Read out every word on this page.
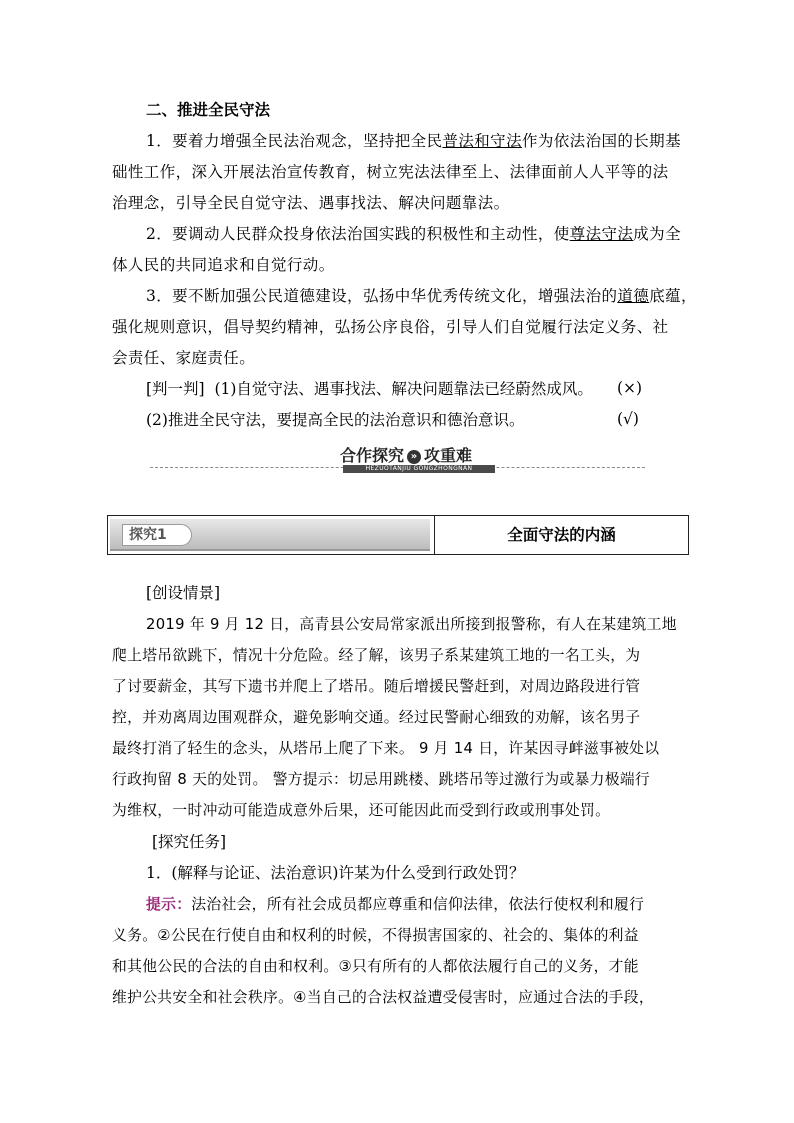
二、推进全民守法
1．要着力增强全民法治观念，坚持把全民普法和守法作为依法治国的长期基
础性工作，深入开展法治宣传教育，树立宪法法律至上、法律面前人人平等的法
治理念，引导全民自觉守法、遇事找法、解决问题靠法。
2．要调动人民群众投身依法治国实践的积极性和主动性，使尊法守法成为全
体人民的共同追求和自觉行动。
3．要不断加强公民道德建设，弘扬中华优秀传统文化，增强法治的道德底蕴，
强化规则意识，倡导契约精神，弘扬公序良俗，引导人们自觉履行法定义务、社
会责任、家庭责任。
[判一判] (1)自觉守法、遇事找法、解决问题靠法已经蔚然成风。	(×)
(2)推进全民守法，要提高全民的法治意识和德治意识。	(√)
合作探究 » 攻重难
HEZUOTANJIU GONGZHONGNAN
探究1	全面守法的内涵
[创设情景]
2019 年 9 月 12 日，高青县公安局常家派出所接到报警称，有人在某建筑工地
爬上塔吊欲跳下，情况十分危险。经了解，该男子系某建筑工地的一名工头，为
了讨要薪金，其写下遗书并爬上了塔吊。随后增援民警赶到，对周边路段进行管
控，并劝离周边围观群众，避免影响交通。经过民警耐心细致的劝解，该名男子
最终打消了轻生的念头，从塔吊上爬了下来。 9 月 14 日，许某因寻衅滋事被处以
行政拘留 8 天的处罚。 警方提示：切忌用跳楼、跳塔吊等过激行为或暴力极端行
为维权，一时冲动可能造成意外后果，还可能因此而受到行政或刑事处罚。
[探究任务]
1．(解释与论证、法治意识)许某为什么受到行政处罚？
提示：法治社会，所有社会成员都应尊重和信仰法律，依法行使权利和履行
义务。②公民在行使自由和权利的时候，不得损害国家的、社会的、集体的利益
和其他公民的合法的自由和权利。③只有所有的人都依法履行自己的义务，才能
维护公共安全和社会秩序。④当自己的合法权益遭受侵害时，应通过合法的手段，
